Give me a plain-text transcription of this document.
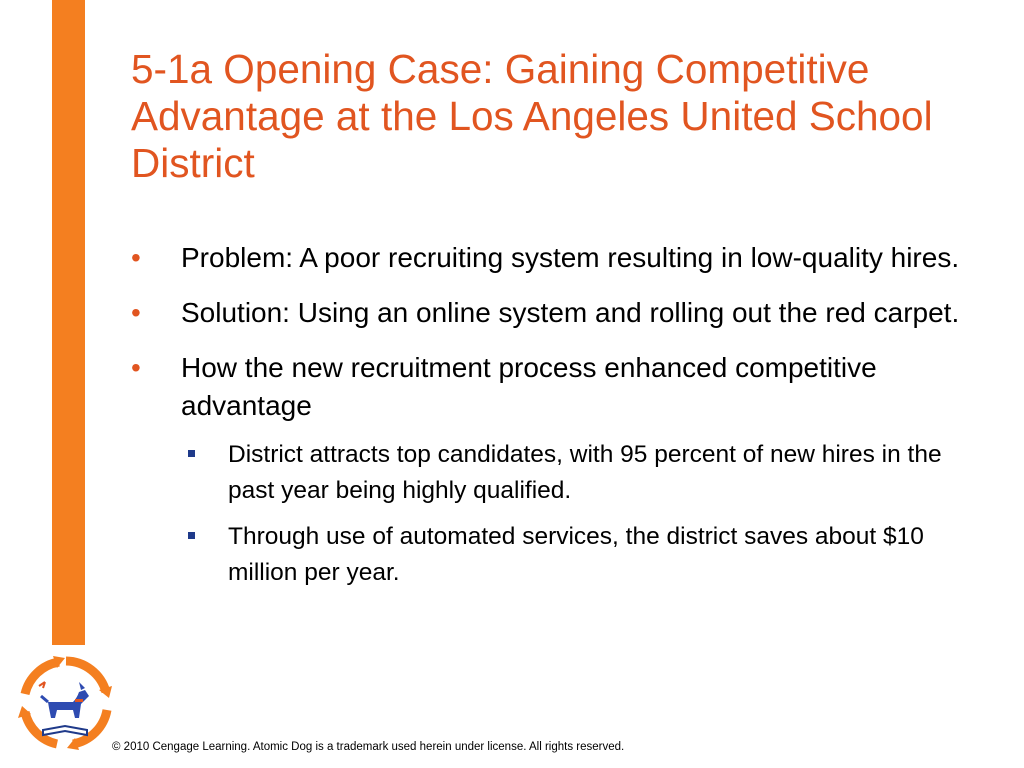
5-1a Opening Case: Gaining Competitive Advantage at the Los Angeles United School District
• Problem: A poor recruiting system resulting in low-quality hires.
• Solution: Using an online system and rolling out the red carpet.
• How the new recruitment process enhanced competitive advantage
District attracts top candidates, with 95 percent of new hires in the past year being highly qualified.
Through use of automated services, the district saves about $10 million per year.
© 2010 Cengage Learning. Atomic Dog is a trademark used herein under license. All rights reserved.
